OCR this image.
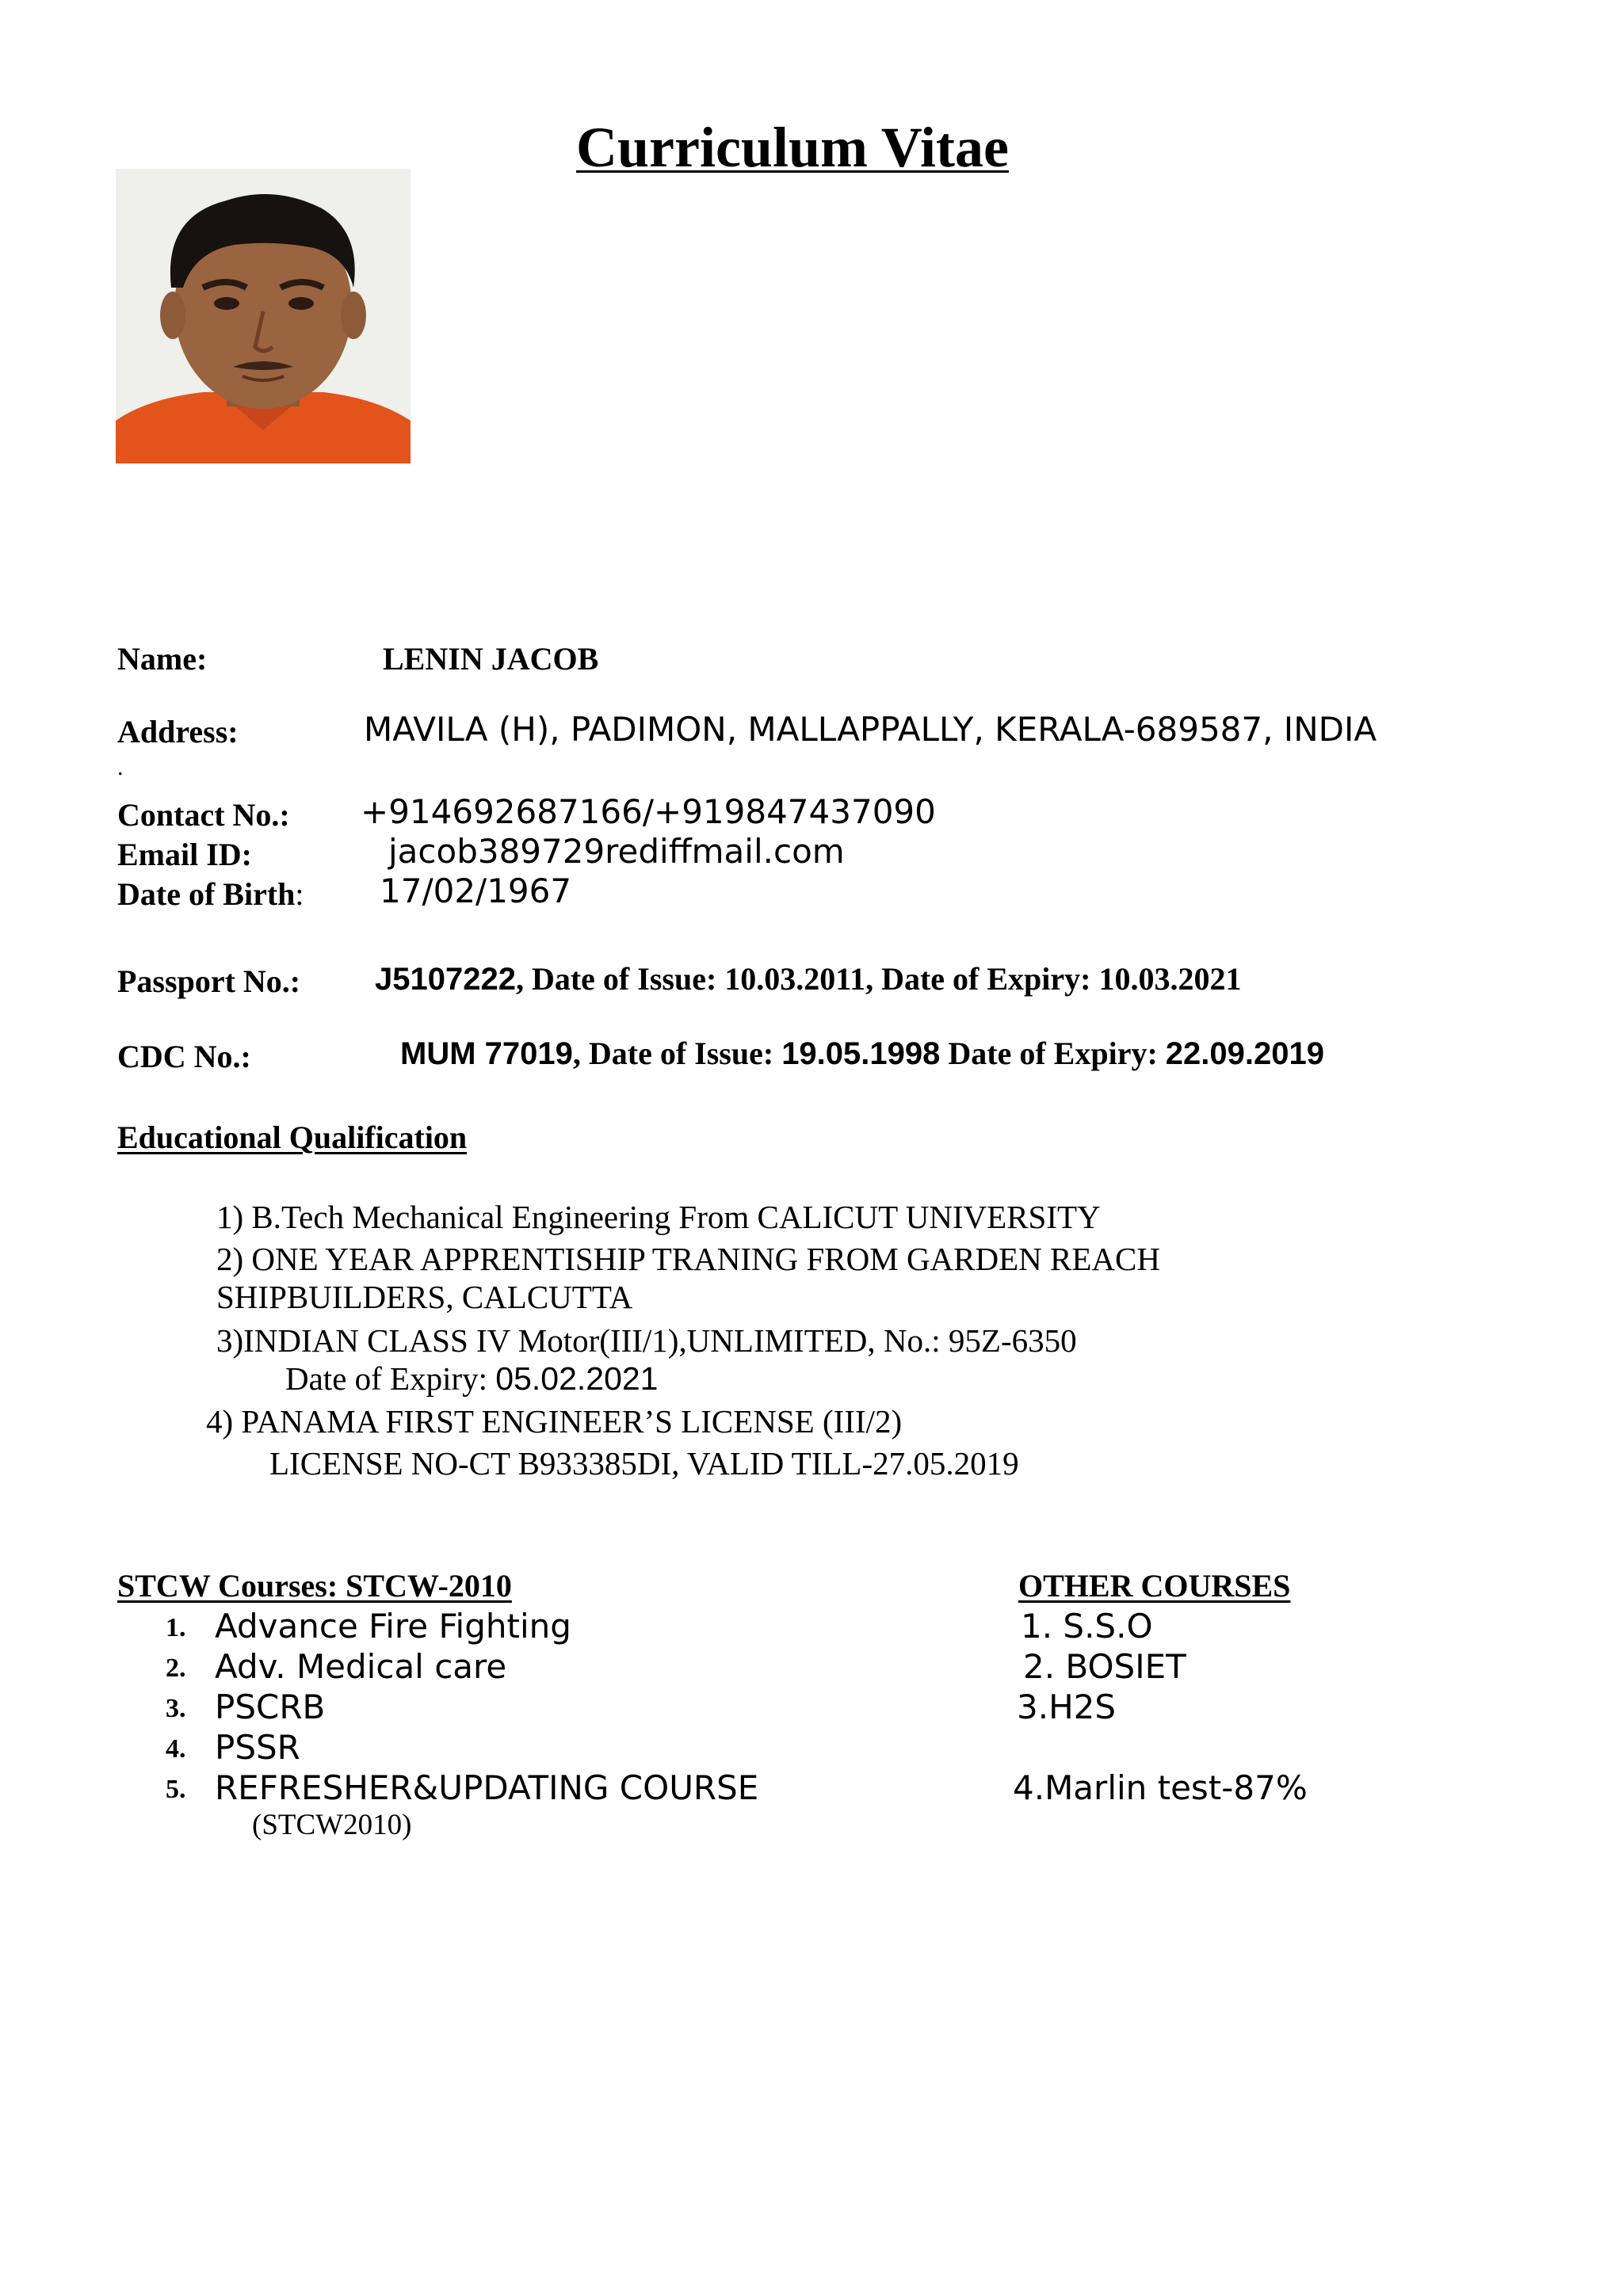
Curriculum Vitae
Name:	LENIN JACOB
Address:	MAVILA (H), PADIMON, MALLAPPALLY, KERALA-689587, INDIA
.
Contact No.: +914692687166/+919847437090
Email ID:	jacob389729rediffmail.com
Date of Birth: 17/02/1967
Passport No.: J5107222, Date of Issue: 10.03.2011, Date of Expiry: 10.03.2021
CDC No.:	MUM 77019, Date of Issue: 19.05.1998 Date of Expiry: 22.09.2019
Educational Qualification
1) B.Tech Mechanical Engineering From CALICUT UNIVERSITY
2) ONE YEAR APPRENTISHIP TRANING FROM GARDEN REACH
SHIPBUILDERS, CALCUTTA
3)INDIAN CLASS IV Motor(III/1),UNLIMITED, No.: 95Z-6350
Date of Expiry: 05.02.2021
4) PANAMA FIRST ENGINEER’S LICENSE (III/2)
LICENSE NO-CT B933385DI, VALID TILL-27.05.2019
STCW Courses: STCW-2010
1. Advance Fire Fighting
2. Adv. Medical care
3. PSCRB
4. PSSR
5. REFRESHER&UPDATING COURSE
(STCW2010)
OTHER COURSES
1. S.S.O
2. BOSIET
3.H2S
4.Marlin test-87%
